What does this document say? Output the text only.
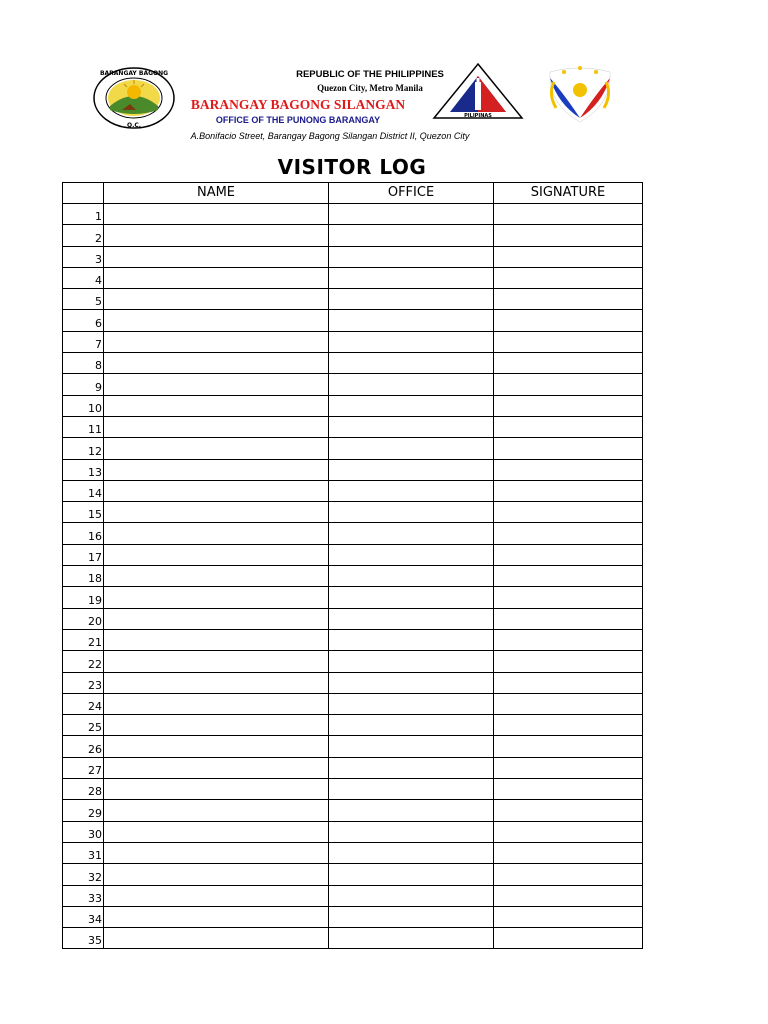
BARANGAY BAGONG
Q.C.
REPUBLIC OF THE PHILIPPINES
Quezon City, Metro Manila
BARANGAY BAGONG SILANGAN
OFFICE OF THE PUNONG BARANGAY
A.Bonifacio Street, Barangay Bagong Silangan District II, Quezon City
PILIPINAS
VISITOR LOG
	NAME	OFFICE	SIGNATURE
1			
2			
3			
4			
5			
6			
7			
8			
9			
10			
11			
12			
13			
14			
15			
16			
17			
18			
19			
20			
21			
22			
23			
24			
25			
26			
27			
28			
29			
30			
31			
32			
33			
34			
35			
